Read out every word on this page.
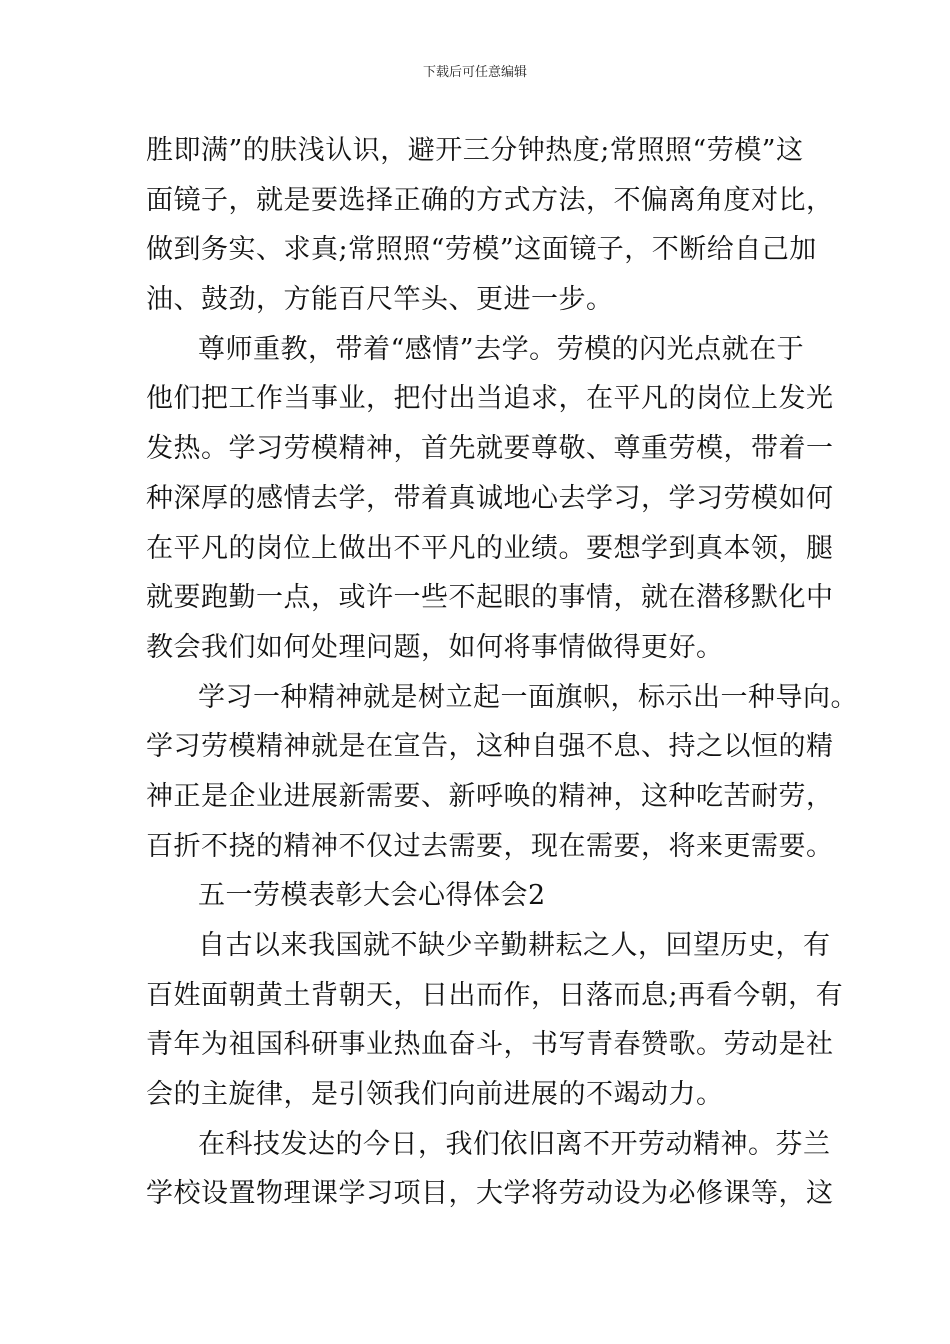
下载后可任意编辑
胜即满”的肤浅认识，避开三分钟热度;常照照“劳模”这
面镜子，就是要选择正确的方式方法，不偏离角度对比，
做到务实、求真;常照照“劳模”这面镜子，不断给自己加
油、鼓劲，方能百尺竿头、更进一步。
尊师重教，带着“感情”去学。劳模的闪光点就在于
他们把工作当事业，把付出当追求，在平凡的岗位上发光
发热。学习劳模精神，首先就要尊敬、尊重劳模，带着一
种深厚的感情去学，带着真诚地心去学习，学习劳模如何
在平凡的岗位上做出不平凡的业绩。要想学到真本领，腿
就要跑勤一点，或许一些不起眼的事情，就在潜移默化中
教会我们如何处理问题，如何将事情做得更好。
学习一种精神就是树立起一面旗帜，标示出一种导向。
学习劳模精神就是在宣告，这种自强不息、持之以恒的精
神正是企业进展新需要、新呼唤的精神，这种吃苦耐劳，
百折不挠的精神不仅过去需要，现在需要，将来更需要。
五一劳模表彰大会心得体会2
自古以来我国就不缺少辛勤耕耘之人，回望历史，有
百姓面朝黄土背朝天，日出而作，日落而息;再看今朝，有
青年为祖国科研事业热血奋斗，书写青春赞歌。劳动是社
会的主旋律，是引领我们向前进展的不竭动力。
在科技发达的今日，我们依旧离不开劳动精神。芬兰
学校设置物理课学习项目，大学将劳动设为必修课等，这
